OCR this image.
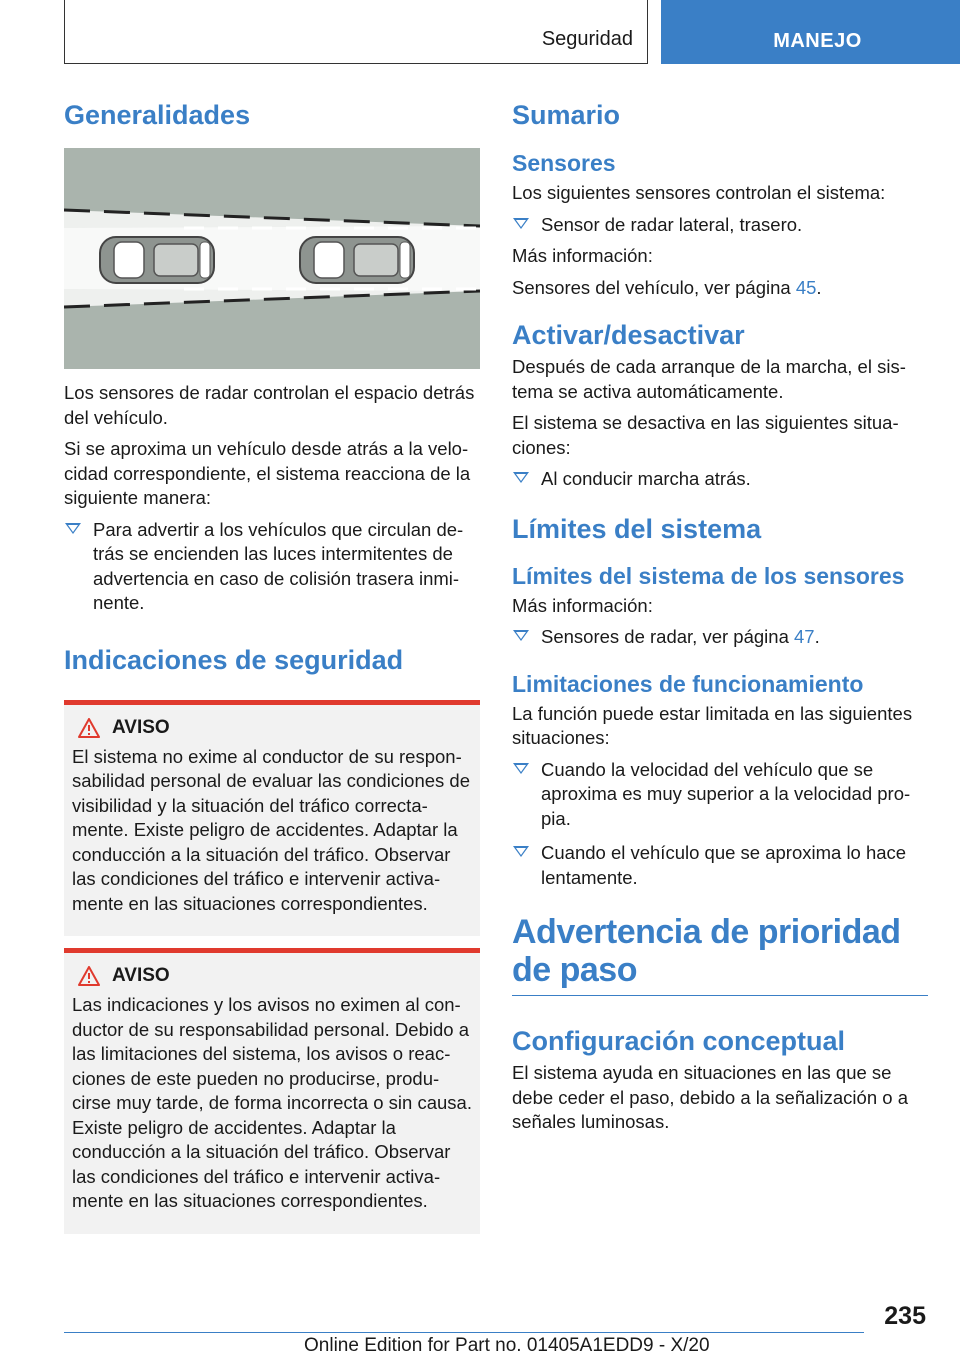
Seguridad	MANEJO
Generalidades

Los sensores de radar controlan el espacio detrás del vehículo.

Si se aproxima un vehículo desde atrás a la velocidad correspondiente, el sistema reacciona de la siguiente manera:

Para advertir a los vehículos que circulan detrás se encienden las luces intermitentes de advertencia en caso de colisión trasera inminente.
Indicaciones de seguridad
AVISO

El sistema no exime al conductor de su responsabilidad personal de evaluar las condiciones de visibilidad y la situación del tráfico correctamente. Existe peligro de accidentes. Adaptar la conducción a la situación del tráfico. Observar las condiciones del tráfico e intervenir activamente en las situaciones correspondientes.

AVISO

Las indicaciones y los avisos no eximen al conductor de su responsabilidad personal. Debido a las limitaciones del sistema, los avisos o reacciones de este pueden no producirse, producirse muy tarde, de forma incorrecta o sin causa. Existe peligro de accidentes. Adaptar la conducción a la situación del tráfico. Observar las condiciones del tráfico e intervenir activamente en las situaciones correspondientes.

Sumario
Sensores

Los siguientes sensores controlan el sistema:

Sensor de radar lateral, trasero.

Más información:

Sensores del vehículo, ver página 45.

Activar/desactivar

Después de cada arranque de la marcha, el sistema se activa automáticamente.

El sistema se desactiva en las siguientes situaciones:

Al conducir marcha atrás.
Límites del sistema
Límites del sistema de los sensores

Más información:

Sensores de radar, ver página 47.
Limitaciones de funcionamiento

La función puede estar limitada en las siguientes situaciones:

Cuando la velocidad del vehículo que se aproxima es muy superior a la velocidad propia.
Cuando el vehículo que se aproxima lo hace lentamente.
Advertencia de prioridad de paso
Configuración conceptual

El sistema ayuda en situaciones en las que se debe ceder el paso, debido a la señalización o a señales luminosas.

235
Online Edition for Part no. 01405A1EDD9 - X/20
